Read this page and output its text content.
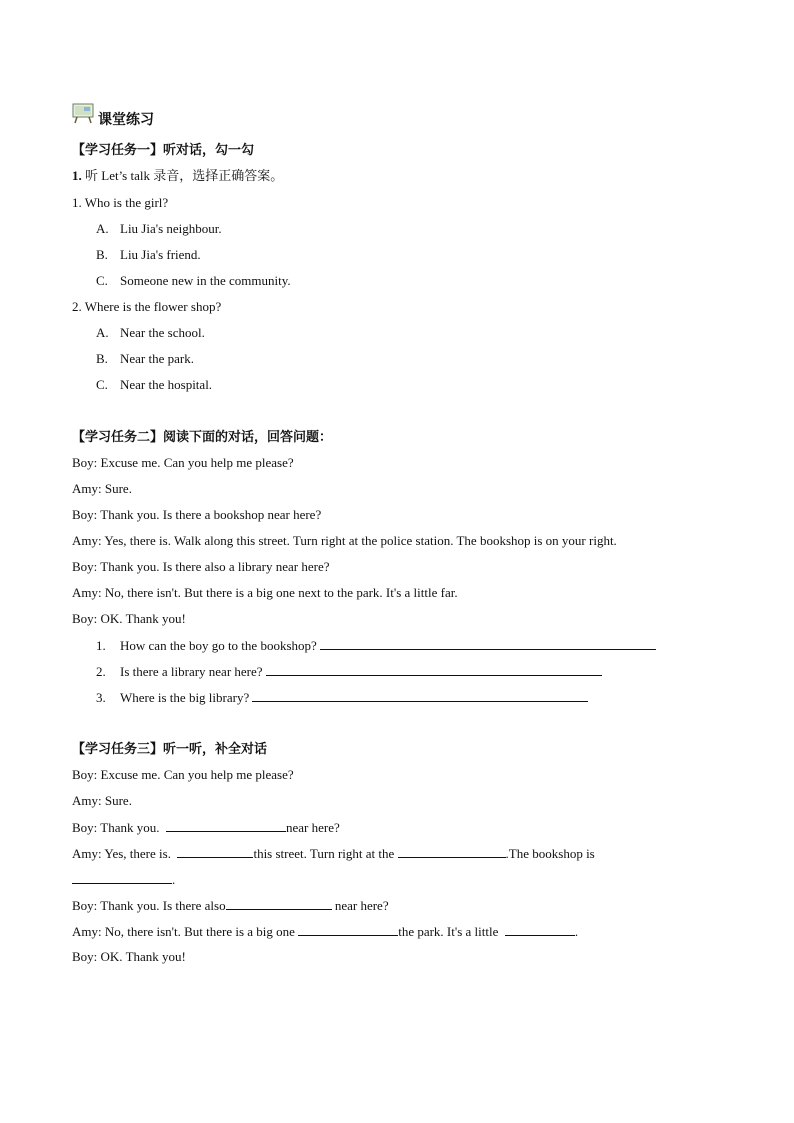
课堂练习
【学习任务一】听对话，勾一勾
1. 听 Let’s talk 录音，选择正确答案。
1. Who is the girl?
A. Liu Jia's neighbour.
B. Liu Jia's friend.
C. Someone new in the community.
2. Where is the flower shop?
A. Near the school.
B. Near the park.
C. Near the hospital.
【学习任务二】阅读下面的对话，回答问题：
Boy: Excuse me. Can you help me please?
Amy: Sure.
Boy: Thank you. Is there a bookshop near here?
Amy: Yes, there is. Walk along this street. Turn right at the police station. The bookshop is on your right.
Boy: Thank you. Is there also a library near here?
Amy: No, there isn't. But there is a big one next to the park. It's a little far.
Boy: OK. Thank you!
1. How can the boy go to the bookshop?
2. Is there a library near here?
3. Where is the big library?
【学习任务三】听一听，补全对话
Boy: Excuse me. Can you help me please?
Amy: Sure.
Boy: Thank you.	near here?
Amy: Yes, there is.	this street. Turn right at the	.The bookshop is
.
Boy: Thank you. Is there also	near here?
Amy: No, there isn't. But there is a big one	the park. It's a little	.
Boy: OK. Thank you!
